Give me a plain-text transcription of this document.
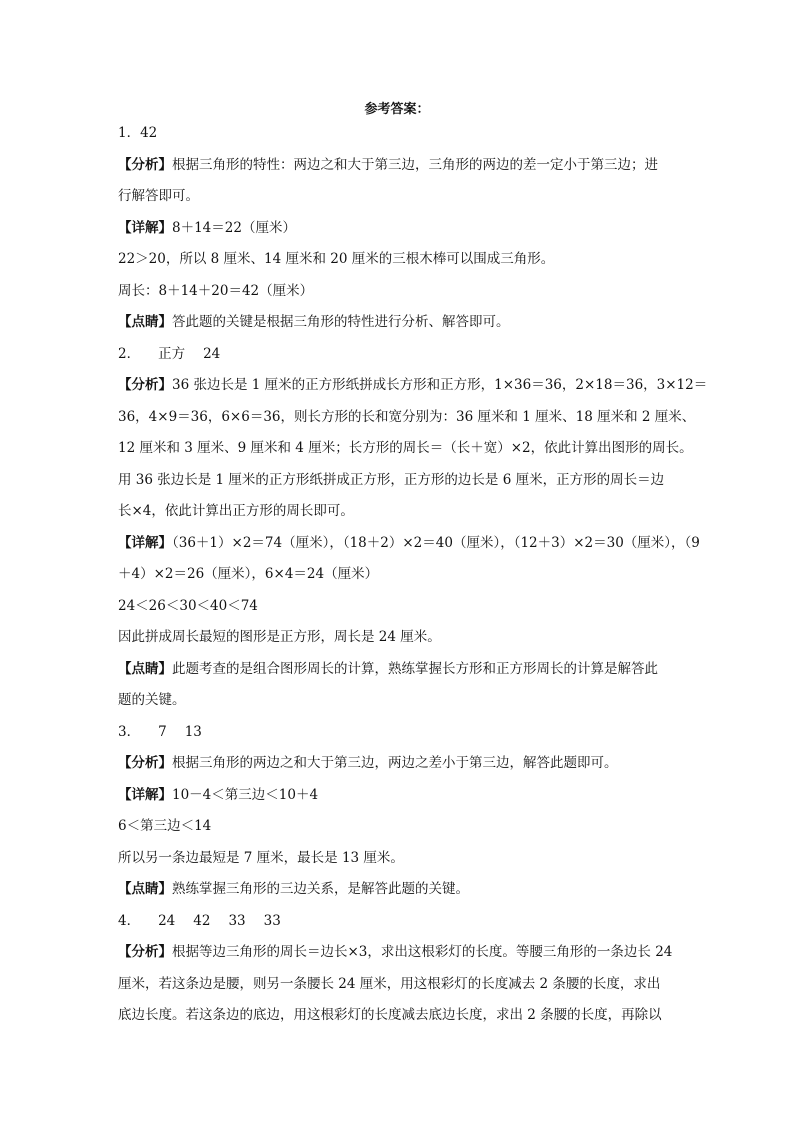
参考答案：
1．42
【分析】根据三角形的特性：两边之和大于第三边，三角形的两边的差一定小于第三边；进
行解答即可。
【详解】8＋14＝22（厘米）
22＞20，所以 8 厘米、14 厘米和 20 厘米的三根木棒可以围成三角形。
周长：8＋14＋20＝42（厘米）
【点睛】答此题的关键是根据三角形的特性进行分析、解答即可。
2． 正方 24
【分析】36 张边长是 1 厘米的正方形纸拼成长方形和正方形，1×36＝36，2×18＝36，3×12＝
36，4×9＝36，6×6＝36，则长方形的长和宽分别为：36 厘米和 1 厘米、18 厘米和 2 厘米、
12 厘米和 3 厘米、9 厘米和 4 厘米；长方形的周长＝（长＋宽）×2，依此计算出图形的周长。
用 36 张边长是 1 厘米的正方形纸拼成正方形，正方形的边长是 6 厘米，正方形的周长＝边
长×4，依此计算出正方形的周长即可。
【详解】（36＋1）×2＝74（厘米），（18＋2）×2＝40（厘米），（12＋3）×2＝30（厘米），（9
＋4）×2＝26（厘米），6×4＝24（厘米）
24＜26＜30＜40＜74
因此拼成周长最短的图形是正方形，周长是 24 厘米。
【点睛】此题考查的是组合图形周长的计算，熟练掌握长方形和正方形周长的计算是解答此
题的关键。
3． 7 13
【分析】根据三角形的两边之和大于第三边，两边之差小于第三边，解答此题即可。
【详解】10－4＜第三边＜10＋4
6＜第三边＜14
所以另一条边最短是 7 厘米，最长是 13 厘米。
【点睛】熟练掌握三角形的三边关系，是解答此题的关键。
4． 24 42 33 33
【分析】根据等边三角形的周长＝边长×3，求出这根彩灯的长度。等腰三角形的一条边长 24
厘米，若这条边是腰，则另一条腰长 24 厘米，用这根彩灯的长度减去 2 条腰的长度，求出
底边长度。若这条边的底边，用这根彩灯的长度减去底边长度，求出 2 条腰的长度，再除以
